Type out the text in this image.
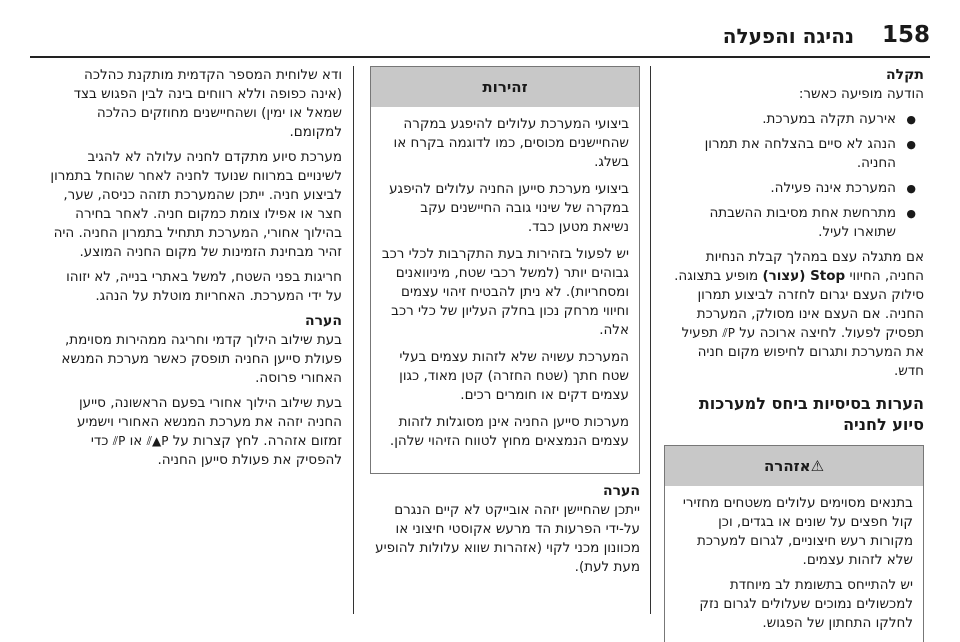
158
נהיגה והפעלה
תקלה

הודעה מופיעה כאשר:

● אירעה תקלה במערכת.
● הנהג לא סיים בהצלחה את תמרון החניה.
● המערכת אינה פעילה.
● מתרחשת אחת מסיבות ההשבתה שתוארו לעיל.

אם מתגלה עצם במהלך קבלת הנחיות החניה, החיווי Stop (עצור) מופיע בתצוגה. סילוק העצם יגרום לחזרה לביצוע תמרון החניה. אם העצם אינו מסולק, המערכת תפסיק לפעול. לחיצה ארוכה על P⫽ תפעיל את המערכת ותגרום לחיפוש מקום חניה חדש.

הערות בסיסיות ביחס למערכות סיוע לחניה
⚠
אזהרה

בתנאים מסוימים עלולים משטחים מחזירי קול חפצים על שונים או בגדים, וכן מקורות רעש חיצוניים, לגרום למערכת שלא לזהות עצמים.

יש להתייחס בתשומת לב מיוחדת למכשולים נמוכים שעלולים לגרום נזק לחלקו התחתון של הפגוש.

זהירות

ביצועי המערכת עלולים להיפגע במקרה שהחיישנים מכוסים, כמו לדוגמה בקרח או בשלג.

ביצועי מערכת סייען החניה עלולים להיפגע במקרה של שינוי גובה החיישנים עקב נשיאת מטען כבד.

יש לפעול בזהירות בעת התקרבות לכלי רכב גבוהים יותר (למשל רכבי שטח, מיניוואנים ומסחריות). לא ניתן להבטיח זיהוי עצמים וחיווי מרחק נכון בחלק העליון של כלי רכב אלה.

המערכת עשויה שלא לזהות עצמים בעלי שטח חתך (שטח החזרה) קטן מאוד, כגון עצמים דקים או חומרים רכים.

מערכות סייען החניה אינן מסוגלות לזהות עצמים הנמצאים מחוץ לטווח הזיהוי שלהן.

הערה

ייתכן שהחיישן יזהה אובייקט לא קיים הנגרם על-ידי הפרעות הד מרעש אקוסטי חיצוני או מכוונון מכני לקוי (אזהרות שווא עלולות להופיע מעת לעת).

ודא שלוחית המספר הקדמית מותקנת כהלכה (אינה כפופה וללא רווחים בינה לבין הפגוש בצד שמאל או ימין) ושהחיישנים מחוזקים כהלכה למקומם.

מערכת סיוע מתקדם לחניה עלולה לא להגיב לשינויים במרווח שנועד לחניה לאחר שהוחל בתמרון לביצוע חניה. ייתכן שהמערכת תזהה כניסה, שער, חצר או אפילו צומת כמקום חניה. לאחר בחירה בהילוך אחורי, המערכת תתחיל בתמרון החניה. היה זהיר מבחינת הזמינות של מקום החניה המוצע.

חריגות בפני השטח, למשל באתרי בנייה, לא יזוהו על ידי המערכת. האחריות מוטלת על הנהג.

הערה

בעת שילוב הילוך קדמי וחריגה ממהירות מסוימת, פעולת סייען החניה תופסק כאשר מערכת המנשא האחורי פרוסה.

בעת שילוב הילוך אחורי בפעם הראשונה, סייען החניה יזהה את מערכת המנשא האחורי וישמיע זמזום אזהרה. לחץ קצרות על P▲⫽ או P⫽ כדי להפסיק את פעולת סייען החניה.
